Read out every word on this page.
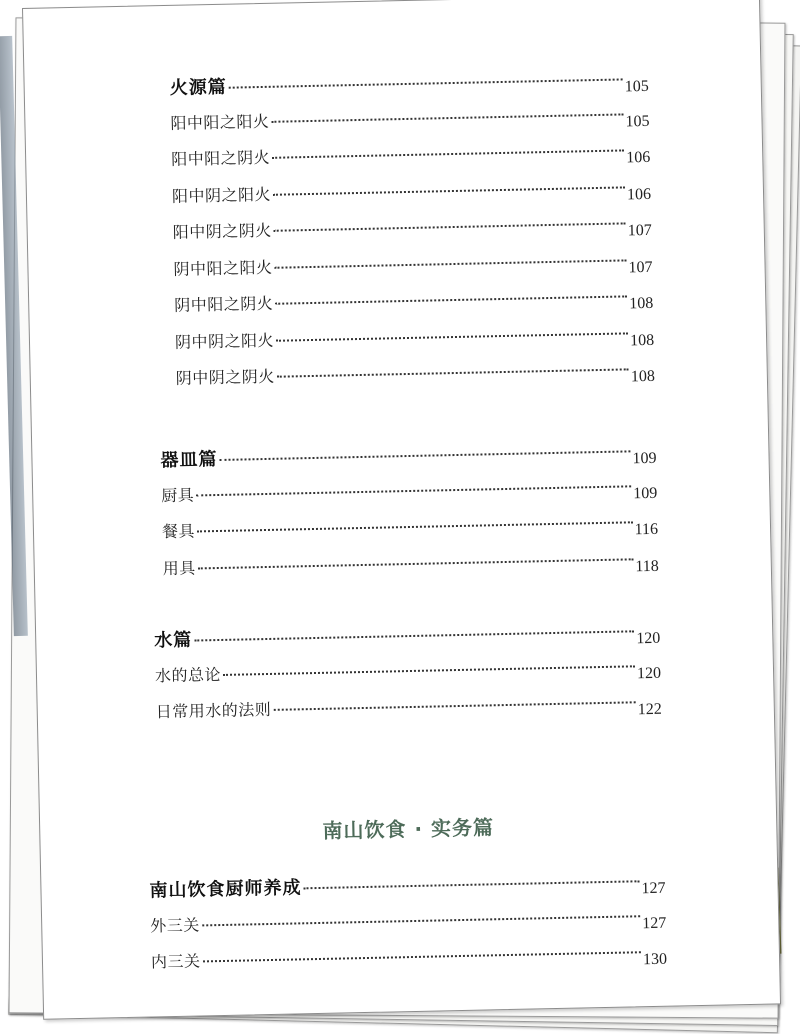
火源篇	105
阳中阳之阳火	105
阳中阳之阴火	106
阳中阴之阳火	106
阳中阴之阴火	107
阴中阳之阳火	107
阴中阳之阴火	108
阴中阴之阳火	108
阴中阴之阴火	108
器皿篇	109
厨具	109
餐具	116
用具	118
水篇	120
水的总论	120
日常用水的法则	122
南山饮食 · 实务篇
南山饮食厨师养成	127
外三关	127
内三关	130
